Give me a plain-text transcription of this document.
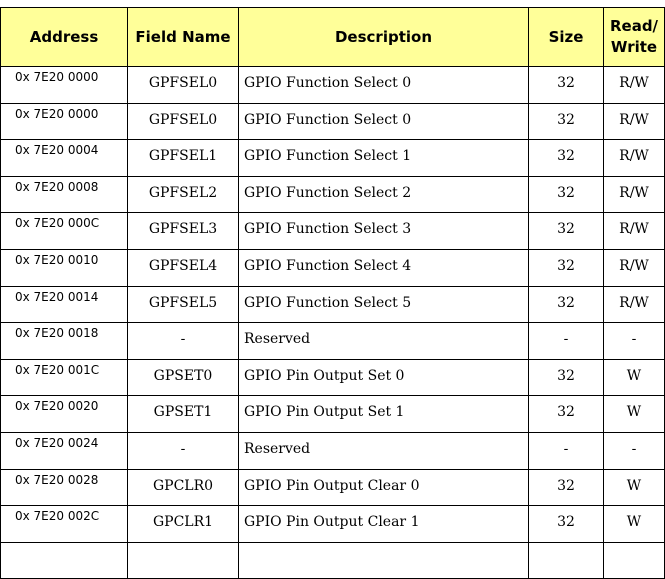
Address	Field Name	Description	Size	Read/
Write
0x 7E20 0000	GPFSEL0	GPIO Function Select 0	32	R/W
0x 7E20 0000	GPFSEL0	GPIO Function Select 0	32	R/W
0x 7E20 0004	GPFSEL1	GPIO Function Select 1	32	R/W
0x 7E20 0008	GPFSEL2	GPIO Function Select 2	32	R/W
0x 7E20 000C	GPFSEL3	GPIO Function Select 3	32	R/W
0x 7E20 0010	GPFSEL4	GPIO Function Select 4	32	R/W
0x 7E20 0014	GPFSEL5	GPIO Function Select 5	32	R/W
0x 7E20 0018	-	Reserved	-	-
0x 7E20 001C	GPSET0	GPIO Pin Output Set 0	32	W
0x 7E20 0020	GPSET1	GPIO Pin Output Set 1	32	W
0x 7E20 0024	-	Reserved	-	-
0x 7E20 0028	GPCLR0	GPIO Pin Output Clear 0	32	W
0x 7E20 002C	GPCLR1	GPIO Pin Output Clear 1	32	W
